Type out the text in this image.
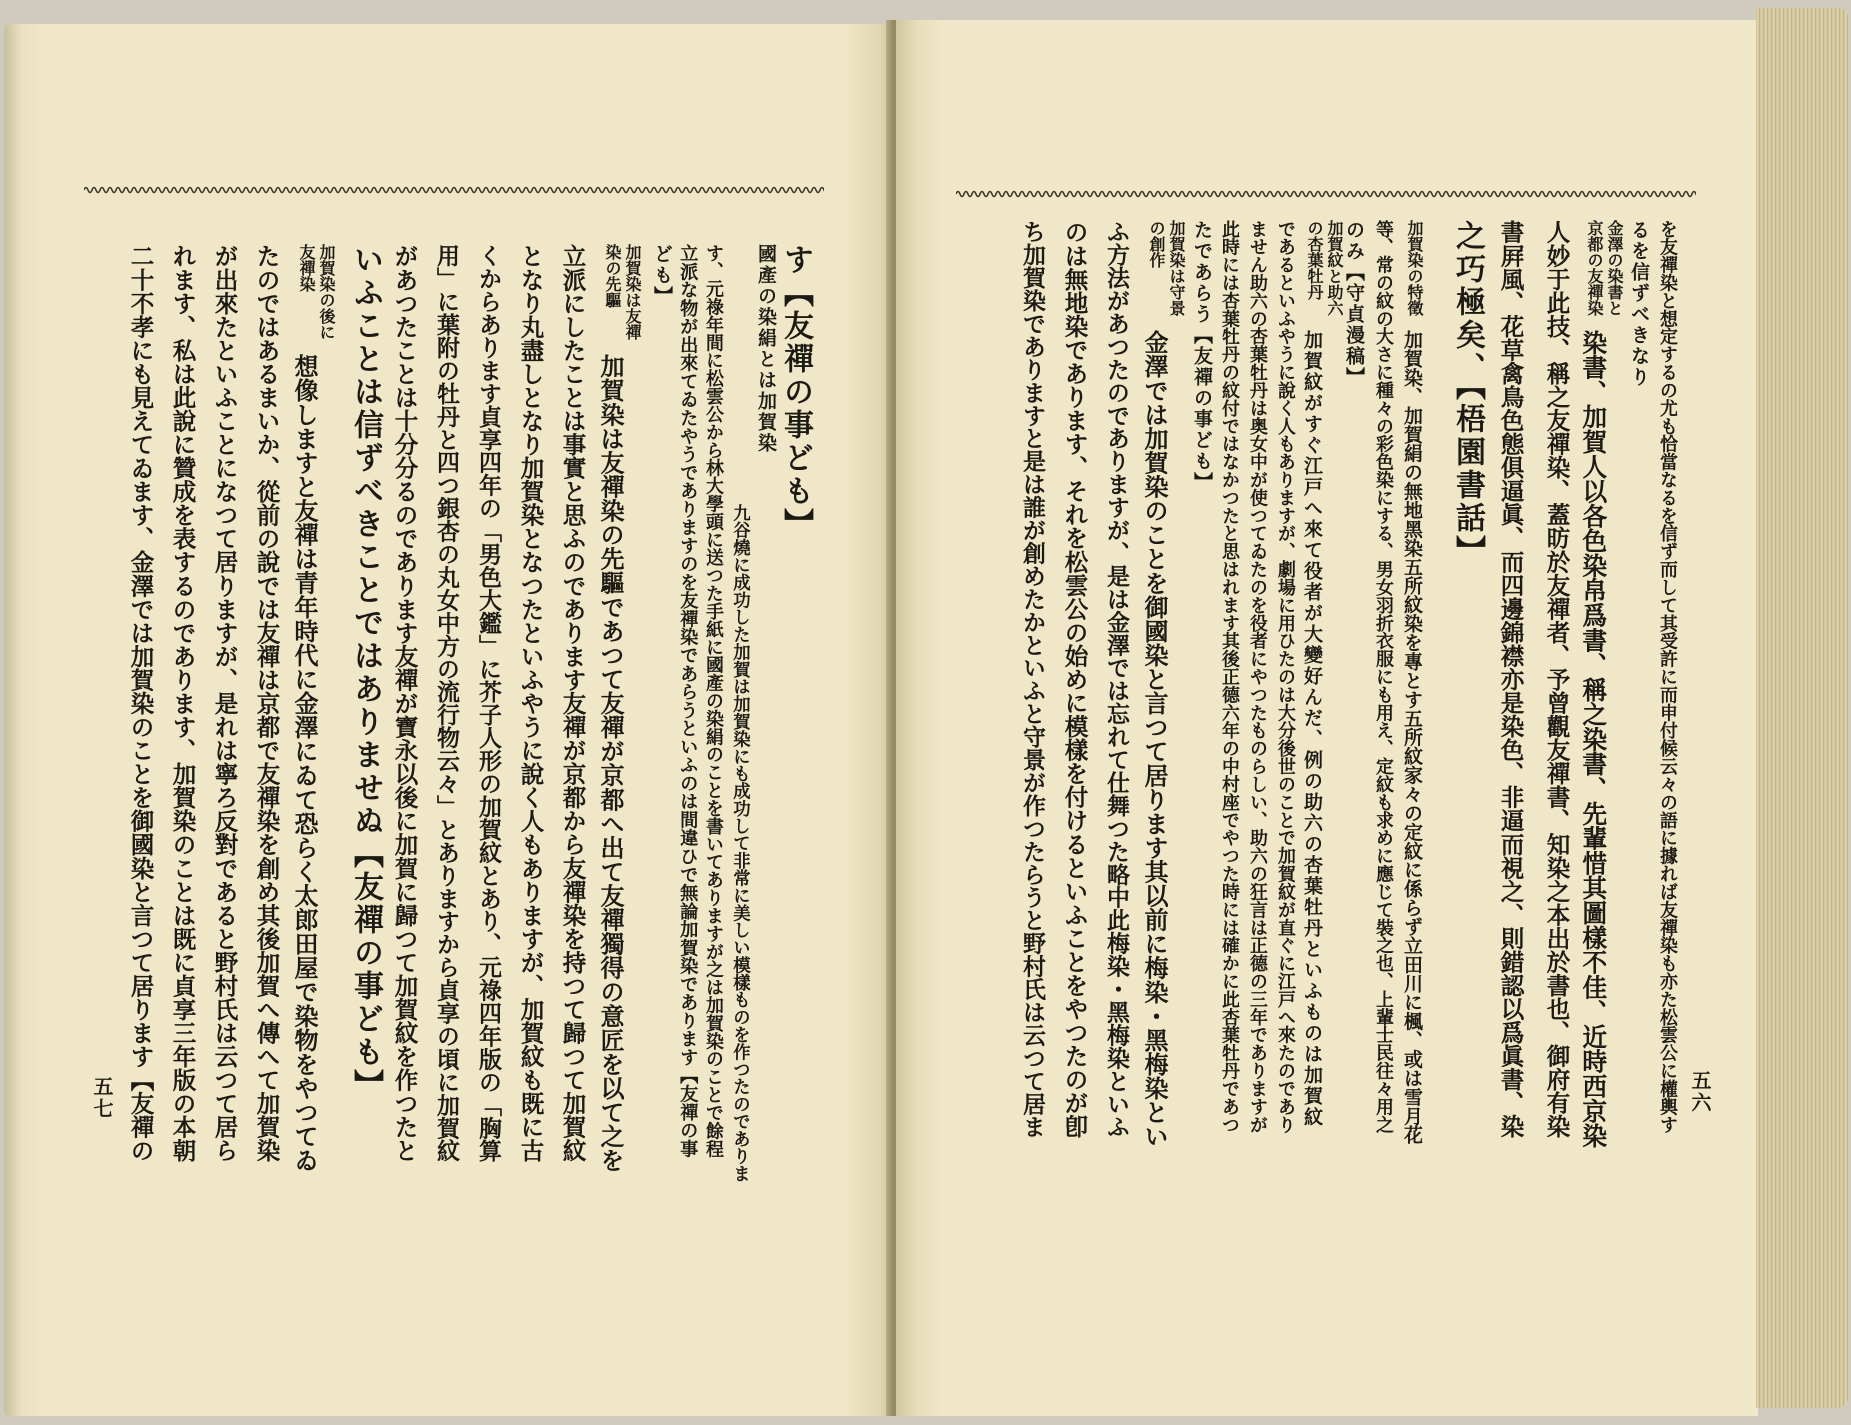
す【友禪の事ども】
國產の染絹とは加賀染
九谷燒に成功した加賀は加賀染にも成功して非常に美しい模樣ものを作つたのでありま
す、元祿年間に松雲公から林大學頭に送つた手紙に國產の染絹のことを書いてありますが之は加賀染のことで餘程
立派な物が出來てゐたやうでありますのを友禪染であらうといふのは間違ひで無論加賀染であります【友禪の事
ども】
加賀染は友禪染の先驅
加賀染は友禪染の先驅であつて友禪が京都へ出て友禪獨得の意匠を以て之を
立派にしたことは事實と思ふのであります友禪が京都から友禪染を持つて歸つて加賀紋
となり丸盡しとなり加賀染となつたといふやうに說く人もありますが、加賀紋も既に古
くからあります貞享四年の「男色大鑑」に芥子人形の加賀紋とあり、元祿四年版の「胸算
用」に葉附の牡丹と四つ銀杏の丸女中方の流行物云々」とありますから貞享の頃に加賀紋
があつたことは十分分るのであります友禪が寶永以後に加賀に歸つて加賀紋を作つたと
いふことは信ずべきことではありませぬ【友禪の事ども】
加賀染の後に友禪染
想像しますと友禪は青年時代に金澤にゐて恐らく太郎田屋で染物をやつてゐ
たのではあるまいか、從前の說では友禪は京都で友禪染を創め其後加賀へ傳へて加賀染
が出來たといふことになつて居りますが、是れは寧ろ反對であると野村氏は云つて居ら
れます、私は此說に贊成を表するのであります、加賀染のことは既に貞享三年版の本朝
二十不孝にも見えてゐます、金澤では加賀染のことを御國染と言つて居ります【友禪の
五七	を友禪染と想定するの尤も恰當なるを信ず而して其受許に而申付候云々の語に據れば友禪染も亦た松雲公に權輿す
るを信ずべきなり
金澤の染書と京都の友禪染
染書、加賀人以各色染帛爲書、稱之染書、先輩惜其圖樣不佳、近時西京染
人妙于此技、稱之友禪染、蓋昉於友禪者、予曾觀友禪書、知染之本出於書也、御府有染
書屛風、花草禽鳥色態俱逼眞、而四邊錦襟亦是染色、非逼而視之、則錯認以爲眞書、染
之巧極矣、【梧園書話】
加賀染の特徵
加賀染、加賀絹の無地黑染五所紋染を專とす五所紋家々の定紋に係らず立田川に楓、或は雪月花
等、常の紋の大さに種々の彩色染にする、男女羽折衣服にも用え、定紋も求めに應じて裝之也、上輩士民往々用之
のみ【守貞漫稿】
加賀紋と助六の杏葉牡丹
加賀紋がすぐ江戸へ來て役者が大變好んだ、例の助六の杏葉牡丹といふものは加賀紋
であるといふやうに說く人もありますが、劇場に用ひたのは大分後世のことで加賀紋が直ぐに江戸へ來たのであり
ません助六の杏葉牡丹は奥女中が使つてゐたのを役者にやつたものらしい、助六の狂言は正德の三年でありますが
此時には杏葉牡丹の紋付ではなかつたと思はれます其後正德六年の中村座でやつた時には確かに此杏葉牡丹であつ
たであらう【友禪の事ども】
加賀染は守景の創作
金澤では加賀染のことを御國染と言つて居ります其以前に梅染・黑梅染とい
ふ方法があつたのでありますが、是は金澤では忘れて仕舞つた略中此梅染・黑梅染といふ
のは無地染であります、それを松雲公の始めに模樣を付けるといふことをやつたのが卽
ち加賀染でありますと是は誰が創めたかといふと守景が作つたらうと野村氏は云つて居ま	五六
